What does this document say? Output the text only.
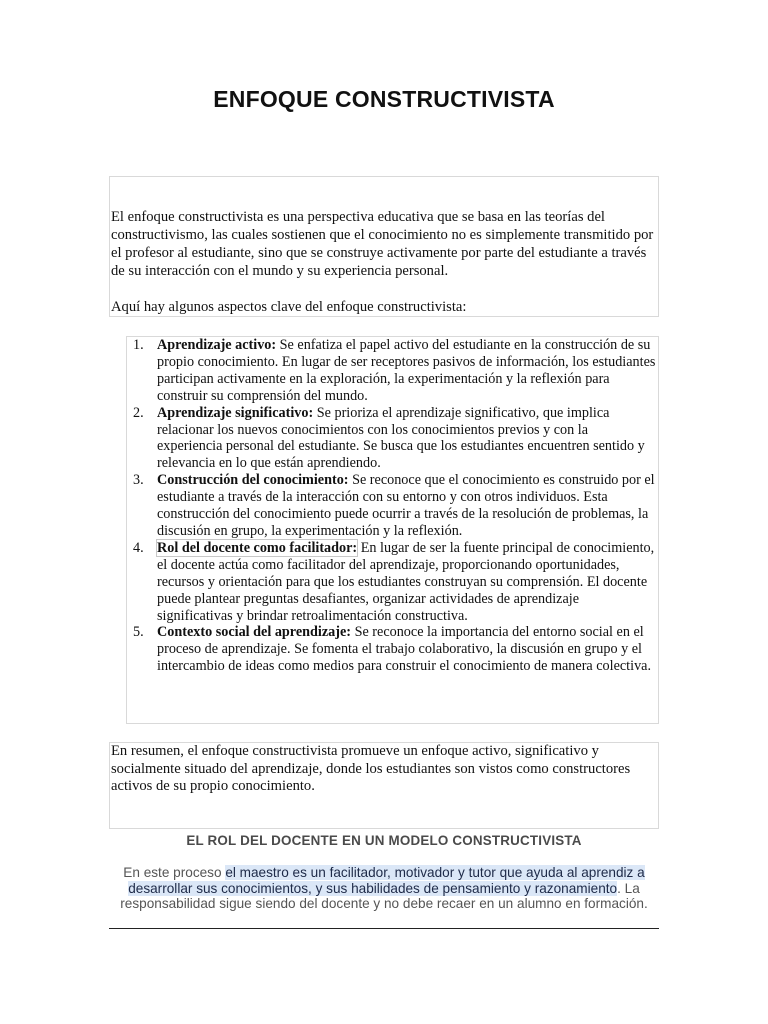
ENFOQUE CONSTRUCTIVISTA

El enfoque constructivista es una perspectiva educativa que se basa en las teorías del constructivismo, las cuales sostienen que el conocimiento no es simplemente transmitido por el profesor al estudiante, sino que se construye activamente por parte del estudiante a través de su interacción con el mundo y su experiencia personal.

Aquí hay algunos aspectos clave del enfoque constructivista:

1. Aprendizaje activo: Se enfatiza el papel activo del estudiante en la construcción de su propio conocimiento. En lugar de ser receptores pasivos de información, los estudiantes participan activamente en la exploración, la experimentación y la reflexión para construir su comprensión del mundo.
2. Aprendizaje significativo: Se prioriza el aprendizaje significativo, que implica relacionar los nuevos conocimientos con los conocimientos previos y con la experiencia personal del estudiante. Se busca que los estudiantes encuentren sentido y relevancia en lo que están aprendiendo.
3. Construcción del conocimiento: Se reconoce que el conocimiento es construido por el estudiante a través de la interacción con su entorno y con otros individuos. Esta construcción del conocimiento puede ocurrir a través de la resolución de problemas, la discusión en grupo, la experimentación y la reflexión.
4. Rol del docente como facilitador: En lugar de ser la fuente principal de conocimiento, el docente actúa como facilitador del aprendizaje, proporcionando oportunidades, recursos y orientación para que los estudiantes construyan su comprensión. El docente puede plantear preguntas desafiantes, organizar actividades de aprendizaje significativas y brindar retroalimentación constructiva.
5. Contexto social del aprendizaje: Se reconoce la importancia del entorno social en el proceso de aprendizaje. Se fomenta el trabajo colaborativo, la discusión en grupo y el intercambio de ideas como medios para construir el conocimiento de manera colectiva.

En resumen, el enfoque constructivista promueve un enfoque activo, significativo y socialmente situado del aprendizaje, donde los estudiantes son vistos como constructores activos de su propio conocimiento.

EL ROL DEL DOCENTE EN UN MODELO CONSTRUCTIVISTA

En este proceso el maestro es un facilitador, motivador y tutor que ayuda al aprendiz a desarrollar sus conocimientos, y sus habilidades de pensamiento y razonamiento. La responsabilidad sigue siendo del docente y no debe recaer en un alumno en formación.
